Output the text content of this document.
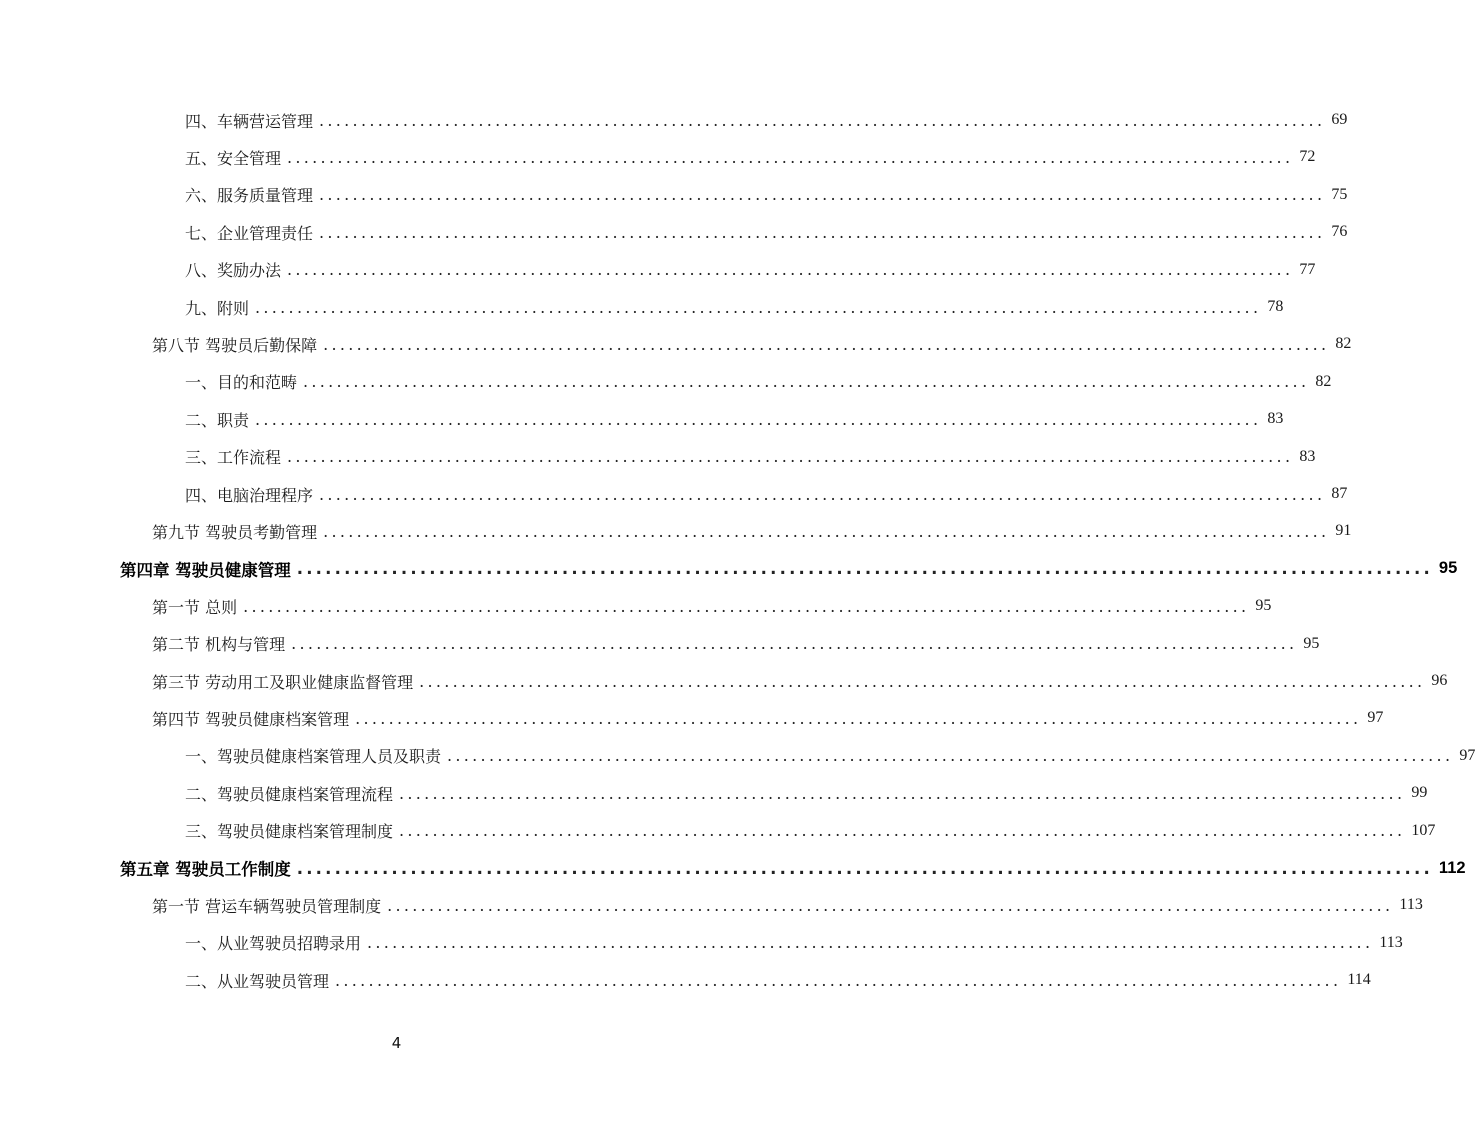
四、车辆营运管理 ........................................................................................................................ 69
五、安全管理 ........................................................................................................................ 72
六、服务质量管理 ........................................................................................................................ 75
七、企业管理责任 ........................................................................................................................ 76
八、奖励办法 ........................................................................................................................ 77
九、附则 ........................................................................................................................ 78
第八节 驾驶员后勤保障 ........................................................................................................................ 82
一、目的和范畴 ........................................................................................................................ 82
二、职责 ........................................................................................................................ 83
三、工作流程 ........................................................................................................................ 83
四、电脑治理程序 ........................................................................................................................ 87
第九节 驾驶员考勤管理 ........................................................................................................................ 91
第四章 驾驶员健康管理 ........................................................................................................................ 95
第一节 总则 ........................................................................................................................ 95
第二节 机构与管理 ........................................................................................................................ 95
第三节 劳动用工及职业健康监督管理 ........................................................................................................................ 96
第四节 驾驶员健康档案管理 ........................................................................................................................ 97
一、驾驶员健康档案管理人员及职责 ........................................................................................................................ 97
二、驾驶员健康档案管理流程 ........................................................................................................................ 99
三、驾驶员健康档案管理制度 ........................................................................................................................ 107
第五章 驾驶员工作制度 ........................................................................................................................ 112
第一节 营运车辆驾驶员管理制度 ........................................................................................................................ 113
一、从业驾驶员招聘录用 ........................................................................................................................ 113
二、从业驾驶员管理 ........................................................................................................................ 114
4
